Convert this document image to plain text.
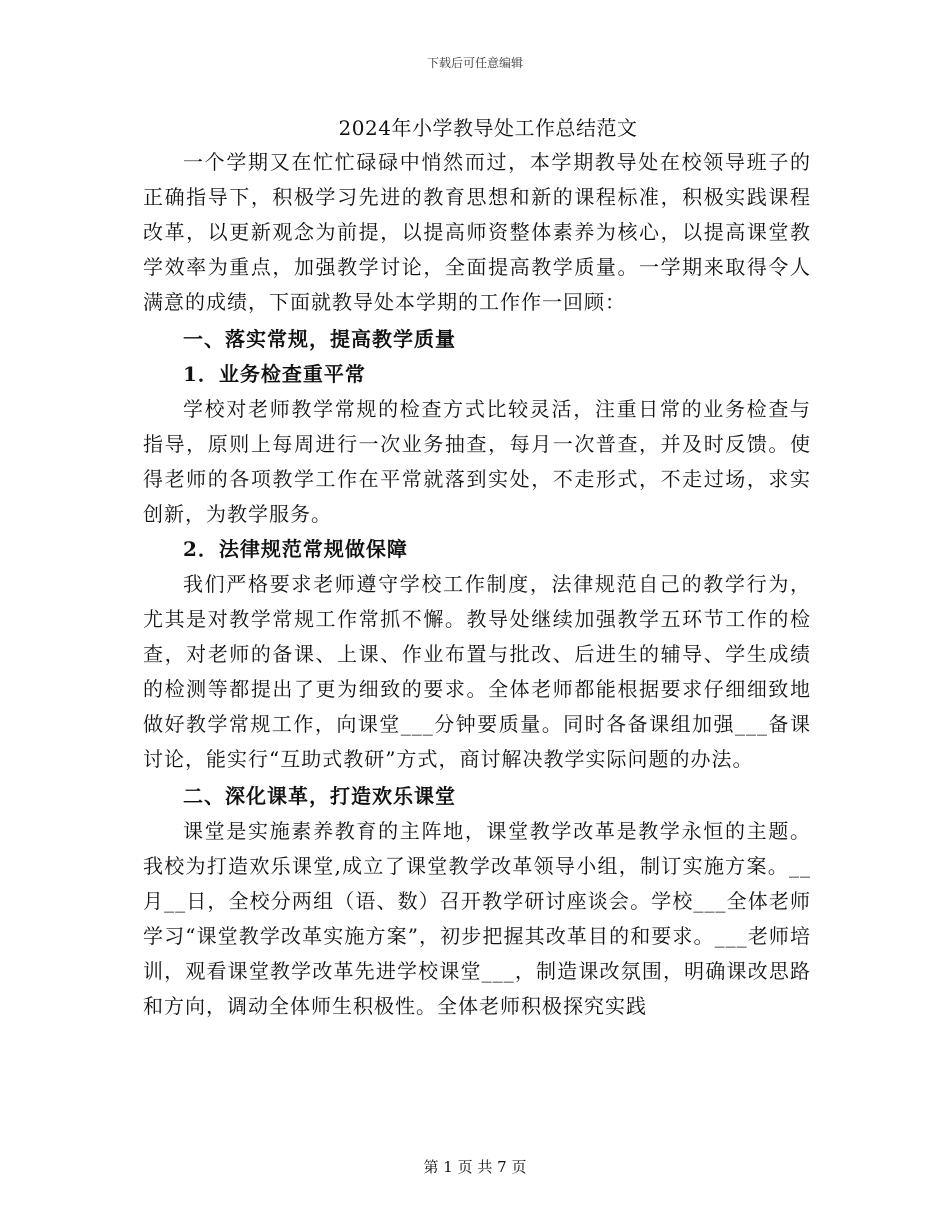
下载后可任意编辑
2024年小学教导处工作总结范文

一个学期又在忙忙碌碌中悄然而过，本学期教导处在校领导班子的正确指导下，积极学习先进的教育思想和新的课程标准，积极实践课程改革，以更新观念为前提，以提高师资整体素养为核心，以提高课堂教学效率为重点，加强教学讨论，全面提高教学质量。一学期来取得令人满意的成绩，下面就教导处本学期的工作作一回顾：

一、落实常规，提高教学质量

1．业务检查重平常

学校对老师教学常规的检查方式比较灵活，注重日常的业务检查与指导，原则上每周进行一次业务抽查，每月一次普查，并及时反馈。使得老师的各项教学工作在平常就落到实处，不走形式，不走过场，求实创新，为教学服务。

2．法律规范常规做保障

我们严格要求老师遵守学校工作制度，法律规范自己的教学行为，尤其是对教学常规工作常抓不懈。教导处继续加强教学五环节工作的检查，对老师的备课、上课、作业布置与批改、后进生的辅导、学生成绩的检测等都提出了更为细致的要求。全体老师都能根据要求仔细细致地做好教学常规工作，向课堂___分钟要质量。同时各备课组加强___备课讨论，能实行“互助式教研”方式，商讨解决教学实际问题的办法。

二、深化课革，打造欢乐课堂

课堂是实施素养教育的主阵地，课堂教学改革是教学永恒的主题。我校为打造欢乐课堂,成立了课堂教学改革领导小组，制订实施方案。__月__日，全校分两组（语、数）召开教学研讨座谈会。学校___全体老师学习“课堂教学改革实施方案”，初步把握其改革目的和要求。___老师培训，观看课堂教学改革先进学校课堂___，制造课改氛围，明确课改思路和方向，调动全体师生积极性。全体老师积极探究实践

第 1 页 共 7 页
